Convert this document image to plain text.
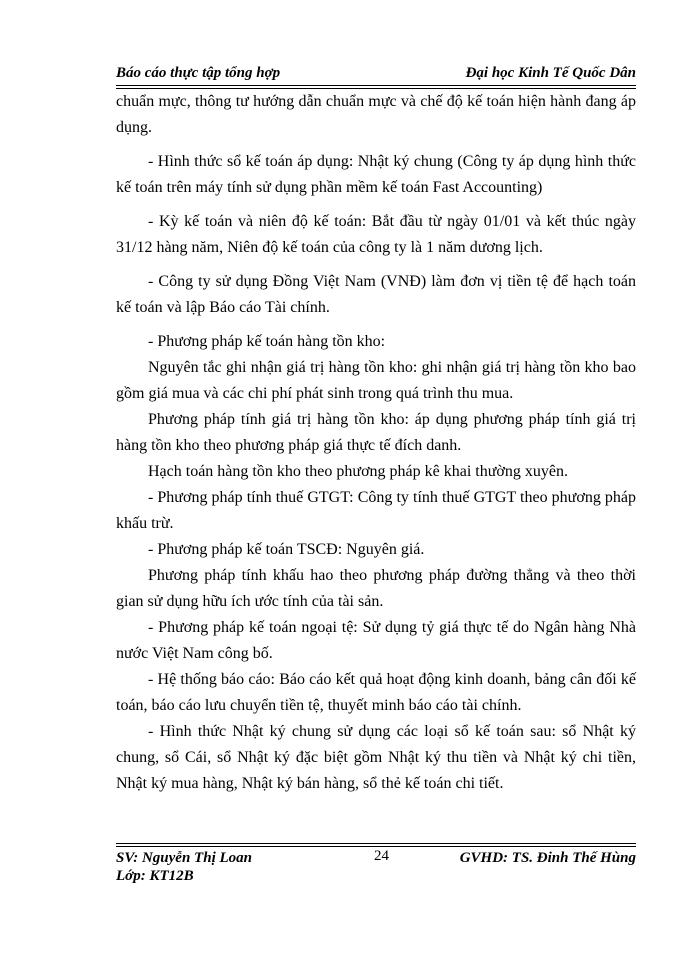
Báo cáo thực tập tổng hợp	Đại học Kinh Tế Quốc Dân

chuẩn mực, thông tư hướng dẫn chuẩn mực và chế độ kế toán hiện hành đang áp dụng.

- Hình thức sổ kế toán áp dụng: Nhật ký chung (Công ty áp dụng hình thức kế toán trên máy tính sử dụng phần mềm kế toán Fast Accounting)

- Kỳ kế toán và niên độ kế toán: Bắt đầu từ ngày 01/01 và kết thúc ngày 31/12 hàng năm, Niên độ kế toán của công ty là 1 năm dương lịch.

- Công ty sử dụng Đồng Việt Nam (VNĐ) làm đơn vị tiền tệ để hạch toán kế toán và lập Báo cáo Tài chính.

- Phương pháp kế toán hàng tồn kho:

Nguyên tắc ghi nhận giá trị hàng tồn kho: ghi nhận giá trị hàng tồn kho bao gồm giá mua và các chi phí phát sinh trong quá trình thu mua.

Phương pháp tính giá trị hàng tồn kho: áp dụng phương pháp tính giá trị hàng tồn kho theo phương pháp giá thực tế đích danh.

Hạch toán hàng tồn kho theo phương pháp kê khai thường xuyên.

- Phương pháp tính thuế GTGT: Công ty tính thuế GTGT theo phương pháp khấu trừ.

- Phương pháp kế toán TSCĐ: Nguyên giá.

Phương pháp tính khấu hao theo phương pháp đường thẳng và theo thời gian sử dụng hữu ích ước tính của tài sản.

- Phương pháp kế toán ngoại tệ: Sử dụng tỷ giá thực tế do Ngân hàng Nhà nước Việt Nam công bố.

- Hệ thống báo cáo: Báo cáo kết quả hoạt động kinh doanh, bảng cân đối kế toán, báo cáo lưu chuyển tiền tệ, thuyết minh báo cáo tài chính.

- Hình thức Nhật ký chung sử dụng các loại sổ kế toán sau: sổ Nhật ký chung, sổ Cái, sổ Nhật ký đặc biệt gồm Nhật ký thu tiền và Nhật ký chi tiền, Nhật ký mua hàng, Nhật ký bán hàng, sổ thẻ kế toán chi tiết.

SV: Nguyễn Thị Loan
Lớp: KT12B
24	GVHD: TS. Đinh Thế Hùng
